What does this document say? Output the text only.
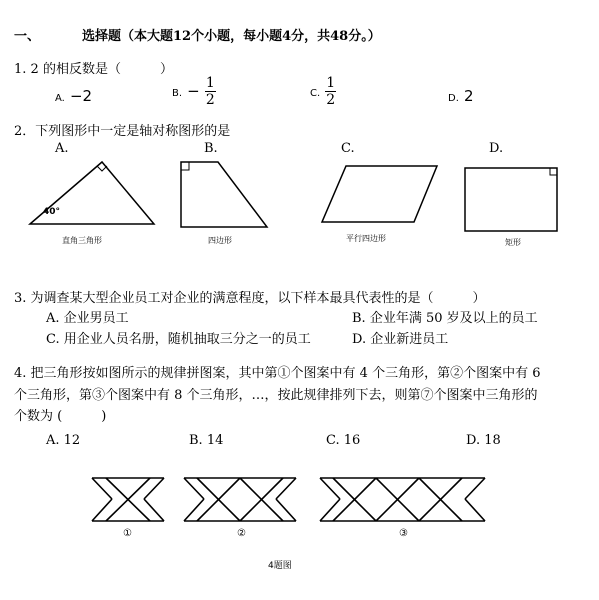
一、	选择题（本大题12个小题，每小题4分，共48分。）
1. 2 的相反数是（　　　）
A. −2	B. − $\frac{1}{2}$	C. $\frac{1}{2}$	D. 2
2．下列图形中一定是轴对称图形的是
A.	B.	C.	D.
40°
直角三角形	四边形	平行四边形	矩形
3. 为调查某大型企业员工对企业的满意程度，以下样本最具代表性的是（　　　）
A. 企业男员工	B. 企业年满 50 岁及以上的员工
C. 用企业人员名册，随机抽取三分之一的员工	D. 企业新进员工
4. 把三角形按如图所示的规律拼图案，其中第①个图案中有 4 个三角形，第②个图案中有 6
个三角形，第③个图案中有 8 个三角形，…，按此规律排列下去，则第⑦个图案中三角形的
个数为 (　　　)
A. 12	B. 14	C. 16	D. 18
①	②	③
4题图
